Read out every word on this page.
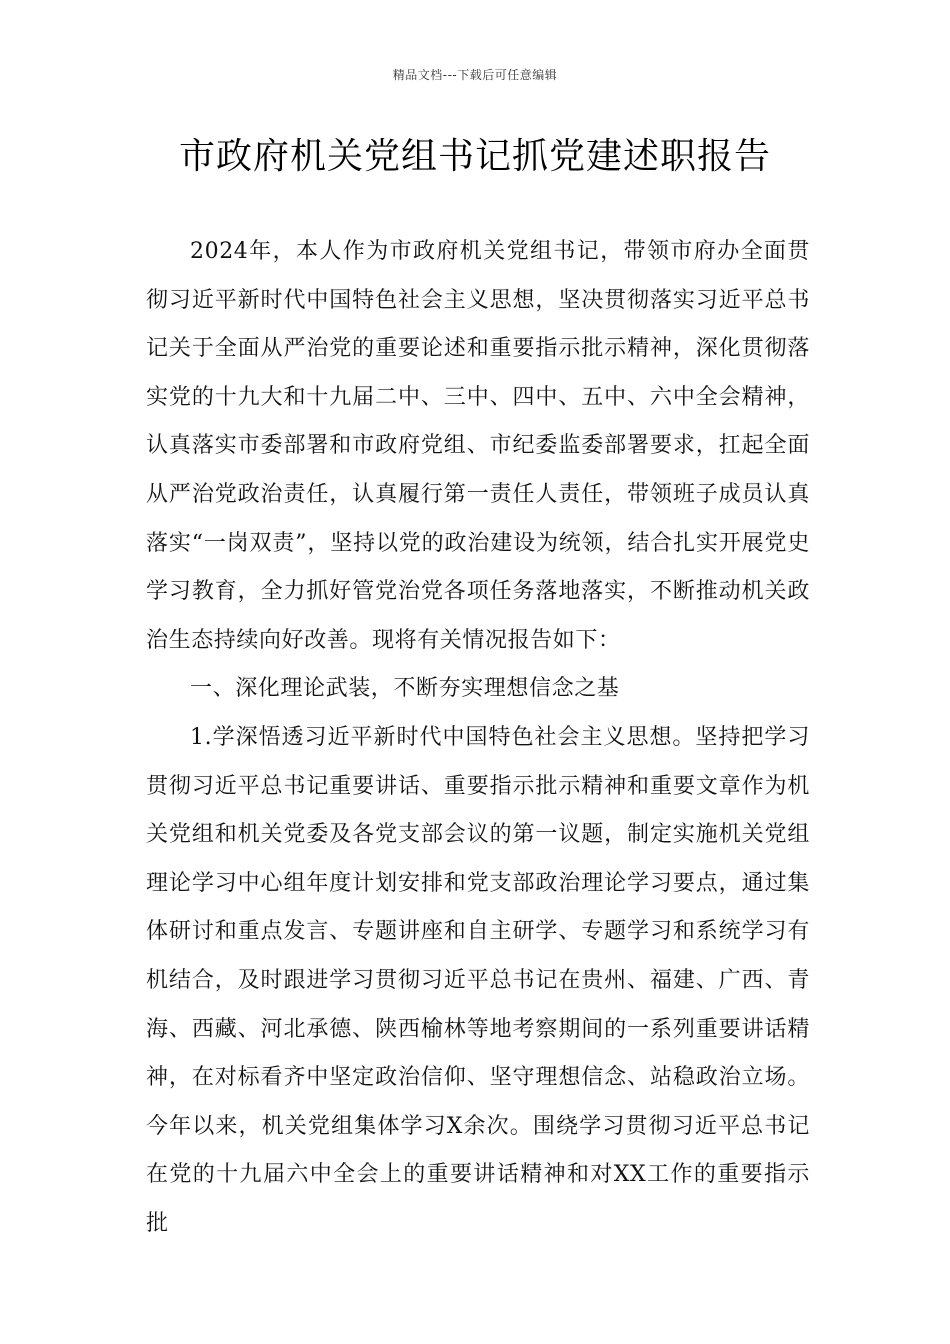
精品文档---下载后可任意编辑
市政府机关党组书记抓党建述职报告

2024年，本人作为市政府机关党组书记，带领市府办全面贯彻习近平新时代中国特色社会主义思想，坚决贯彻落实习近平总书记关于全面从严治党的重要论述和重要指示批示精神，深化贯彻落实党的十九大和十九届二中、三中、四中、五中、六中全会精神，认真落实市委部署和市政府党组、市纪委监委部署要求，扛起全面从严治党政治责任，认真履行第一责任人责任，带领班子成员认真落实“一岗双责”，坚持以党的政治建设为统领，结合扎实开展党史学习教育，全力抓好管党治党各项任务落地落实，不断推动机关政治生态持续向好改善。现将有关情况报告如下：

一、深化理论武装，不断夯实理想信念之基

1.学深悟透习近平新时代中国特色社会主义思想。坚持把学习贯彻习近平总书记重要讲话、重要指示批示精神和重要文章作为机关党组和机关党委及各党支部会议的第一议题，制定实施机关党组理论学习中心组年度计划安排和党支部政治理论学习要点，通过集体研讨和重点发言、专题讲座和自主研学、专题学习和系统学习有机结合，及时跟进学习贯彻习近平总书记在贵州、福建、广西、青海、西藏、河北承德、陕西榆林等地考察期间的一系列重要讲话精神，在对标看齐中坚定政治信仰、坚守理想信念、站稳政治立场。今年以来，机关党组集体学习X余次。围绕学习贯彻习近平总书记在党的十九届六中全会上的重要讲话精神和对XX工作的重要指示批
